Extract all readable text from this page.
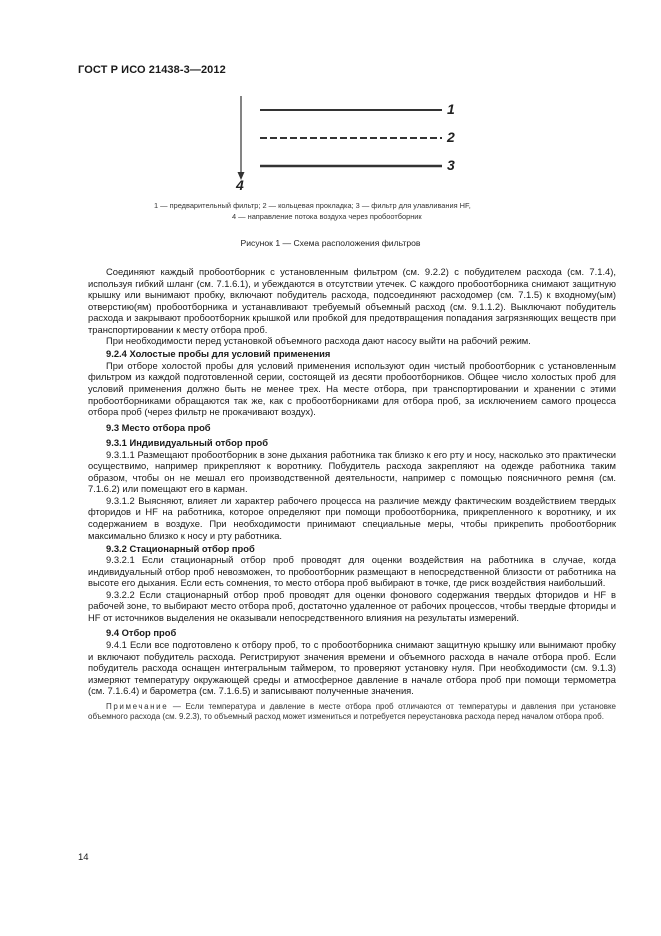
ГОСТ Р ИСО 21438-3—2012
1
2
3
4
1 — предварительный фильтр; 2 — кольцевая прокладка; 3 — фильтр для улавливания HF,
4 — направление потока воздуха через пробоотборник
Рисунок 1 — Схема расположения фильтров

Соединяют каждый пробоотборник с установленным фильтром (см. 9.2.2) с побудителем расхода (см. 7.1.4), используя гибкий шланг (см. 7.1.6.1), и убеждаются в отсутствии утечек. С каждого пробоотборника снимают защитную крышку или вынимают пробку, включают побудитель расхода, подсоединяют расходомер (см. 7.1.5) к входному(ым) отверстию(ям) пробоотборника и устанавливают требуемый объемный расход (см. 9.1.1.2). Выключают побудитель расхода и закрывают пробоотборник крышкой или пробкой для предотвращения попадания загрязняющих веществ при транспортировании к месту отбора проб.

При необходимости перед установкой объемного расхода дают насосу выйти на рабочий режим.

9.2.4 Холостые пробы для условий применения

При отборе холостой пробы для условий применения используют один чистый пробоотборник с установленным фильтром из каждой подготовленной серии, состоящей из десяти пробоотборников. Общее число холостых проб для условий применения должно быть не менее трех. На месте отбора, при транспортировании и хранении с этими пробоотборниками обращаются так же, как с пробоотборниками для отбора проб, за исключением самого процесса отбора проб (через фильтр не прокачивают воздух).

9.3 Место отбора проб

9.3.1 Индивидуальный отбор проб

9.3.1.1 Размещают пробоотборник в зоне дыхания работника так близко к его рту и носу, насколько это практически осуществимо, например прикрепляют к воротнику. Побудитель расхода закрепляют на одежде работника таким образом, чтобы он не мешал его производственной деятельности, например с помощью поясничного ремня (см. 7.1.6.2) или помещают его в карман.

9.3.1.2 Выясняют, влияет ли характер рабочего процесса на различие между фактическим воздействием твердых фторидов и HF на работника, которое определяют при помощи пробоотборника, прикрепленного к воротнику, и их содержанием в воздухе. При необходимости принимают специальные меры, чтобы прикрепить пробоотборник максимально близко к носу и рту работника.

9.3.2 Стационарный отбор проб

9.3.2.1 Если стационарный отбор проб проводят для оценки воздействия на работника в случае, когда индивидуальный отбор проб невозможен, то пробоотборник размещают в непосредственной близости от работника на высоте его дыхания. Если есть сомнения, то место отбора проб выбирают в точке, где риск воздействия наибольший.

9.3.2.2 Если стационарный отбор проб проводят для оценки фонового содержания твердых фторидов и HF в рабочей зоне, то выбирают место отбора проб, достаточно удаленное от рабочих процессов, чтобы твердые фториды и HF от источников выделения не оказывали непосредственного влияния на результаты измерений.

9.4 Отбор проб

9.4.1 Если все подготовлено к отбору проб, то с пробоотборника снимают защитную крышку или вынимают пробку и включают побудитель расхода. Регистрируют значения времени и объемного расхода в начале отбора проб. Если побудитель расхода оснащен интегральным таймером, то проверяют установку нуля. При необходимости (см. 9.1.3) измеряют температуру окружающей среды и атмосферное давление в начале отбора проб при помощи термометра (см. 7.1.6.4) и барометра (см. 7.1.6.5) и записывают полученные значения.

Примечание — Если температура и давление в месте отбора проб отличаются от температуры и давления при установке объемного расхода (см. 9.2.3), то объемный расход может измениться и потребуется переустановка расхода перед началом отбора проб.

14
